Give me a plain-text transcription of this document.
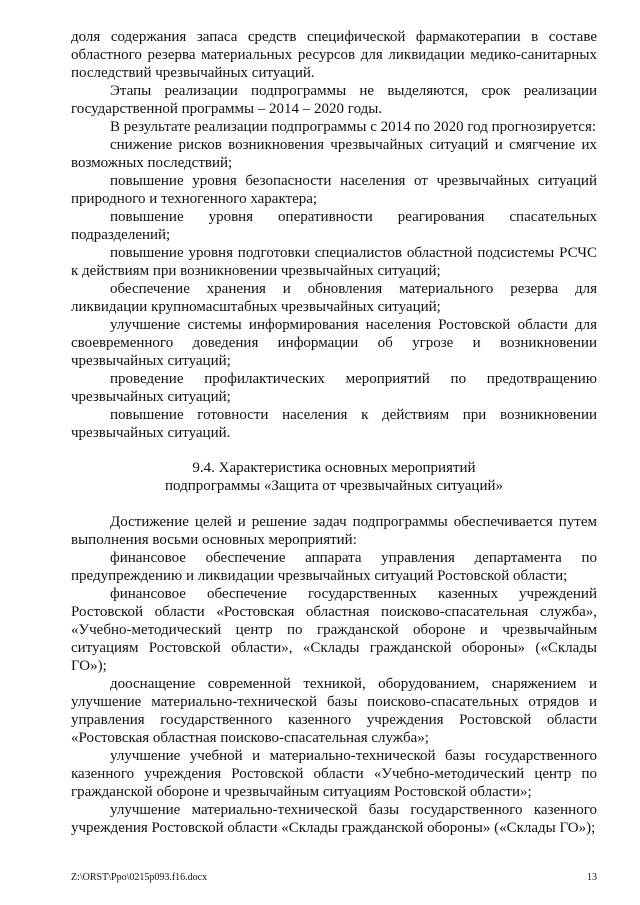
доля содержания запаса средств специфической фармакотерапии в составе областного резерва материальных ресурсов для ликвидации медико-санитарных последствий чрезвычайных ситуаций.

Этапы реализации подпрограммы не выделяются, срок реализации государственной программы – 2014 – 2020 годы.

В результате реализации подпрограммы с 2014 по 2020 год прогнозируется:

снижение рисков возникновения чрезвычайных ситуаций и смягчение их возможных последствий;

повышение уровня безопасности населения от чрезвычайных ситуаций природного и техногенного характера;

повышение уровня оперативности реагирования спасательных подразделений;

повышение уровня подготовки специалистов областной подсистемы РСЧС к действиям при возникновении чрезвычайных ситуаций;

обеспечение хранения и обновления материального резерва для ликвидации крупномасштабных чрезвычайных ситуаций;

улучшение системы информирования населения Ростовской области для своевременного доведения информации об угрозе и возникновении чрезвычайных ситуаций;

проведение профилактических мероприятий по предотвращению чрезвычайных ситуаций;

повышение готовности населения к действиям при возникновении чрезвычайных ситуаций.

9.4. Характеристика основных мероприятий
подпрограммы «Защита от чрезвычайных ситуаций»

Достижение целей и решение задач подпрограммы обеспечивается путем выполнения восьми основных мероприятий:

финансовое обеспечение аппарата управления департамента по предупреждению и ликвидации чрезвычайных ситуаций Ростовской области;

финансовое обеспечение государственных казенных учреждений Ростовской области «Ростовская областная поисково-спасательная служба», «Учебно-методический центр по гражданской обороне и чрезвычайным ситуациям Ростовской области», «Склады гражданской обороны» («Склады ГО»);

дооснащение современной техникой, оборудованием, снаряжением и улучшение материально-технической базы поисково-спасательных отрядов и управления государственного казенного учреждения Ростовской области «Ростовская областная поисково-спасательная служба»;

улучшение учебной и материально-технической базы государственного казенного учреждения Ростовской области «Учебно-методический центр по гражданской обороне и чрезвычайным ситуациям Ростовской области»;

улучшение материально-технической базы государственного казенного учреждения Ростовской области «Склады гражданской обороны» («Склады ГО»);

Z:\ORST\Ppo\0215p093.f16.docx	13
